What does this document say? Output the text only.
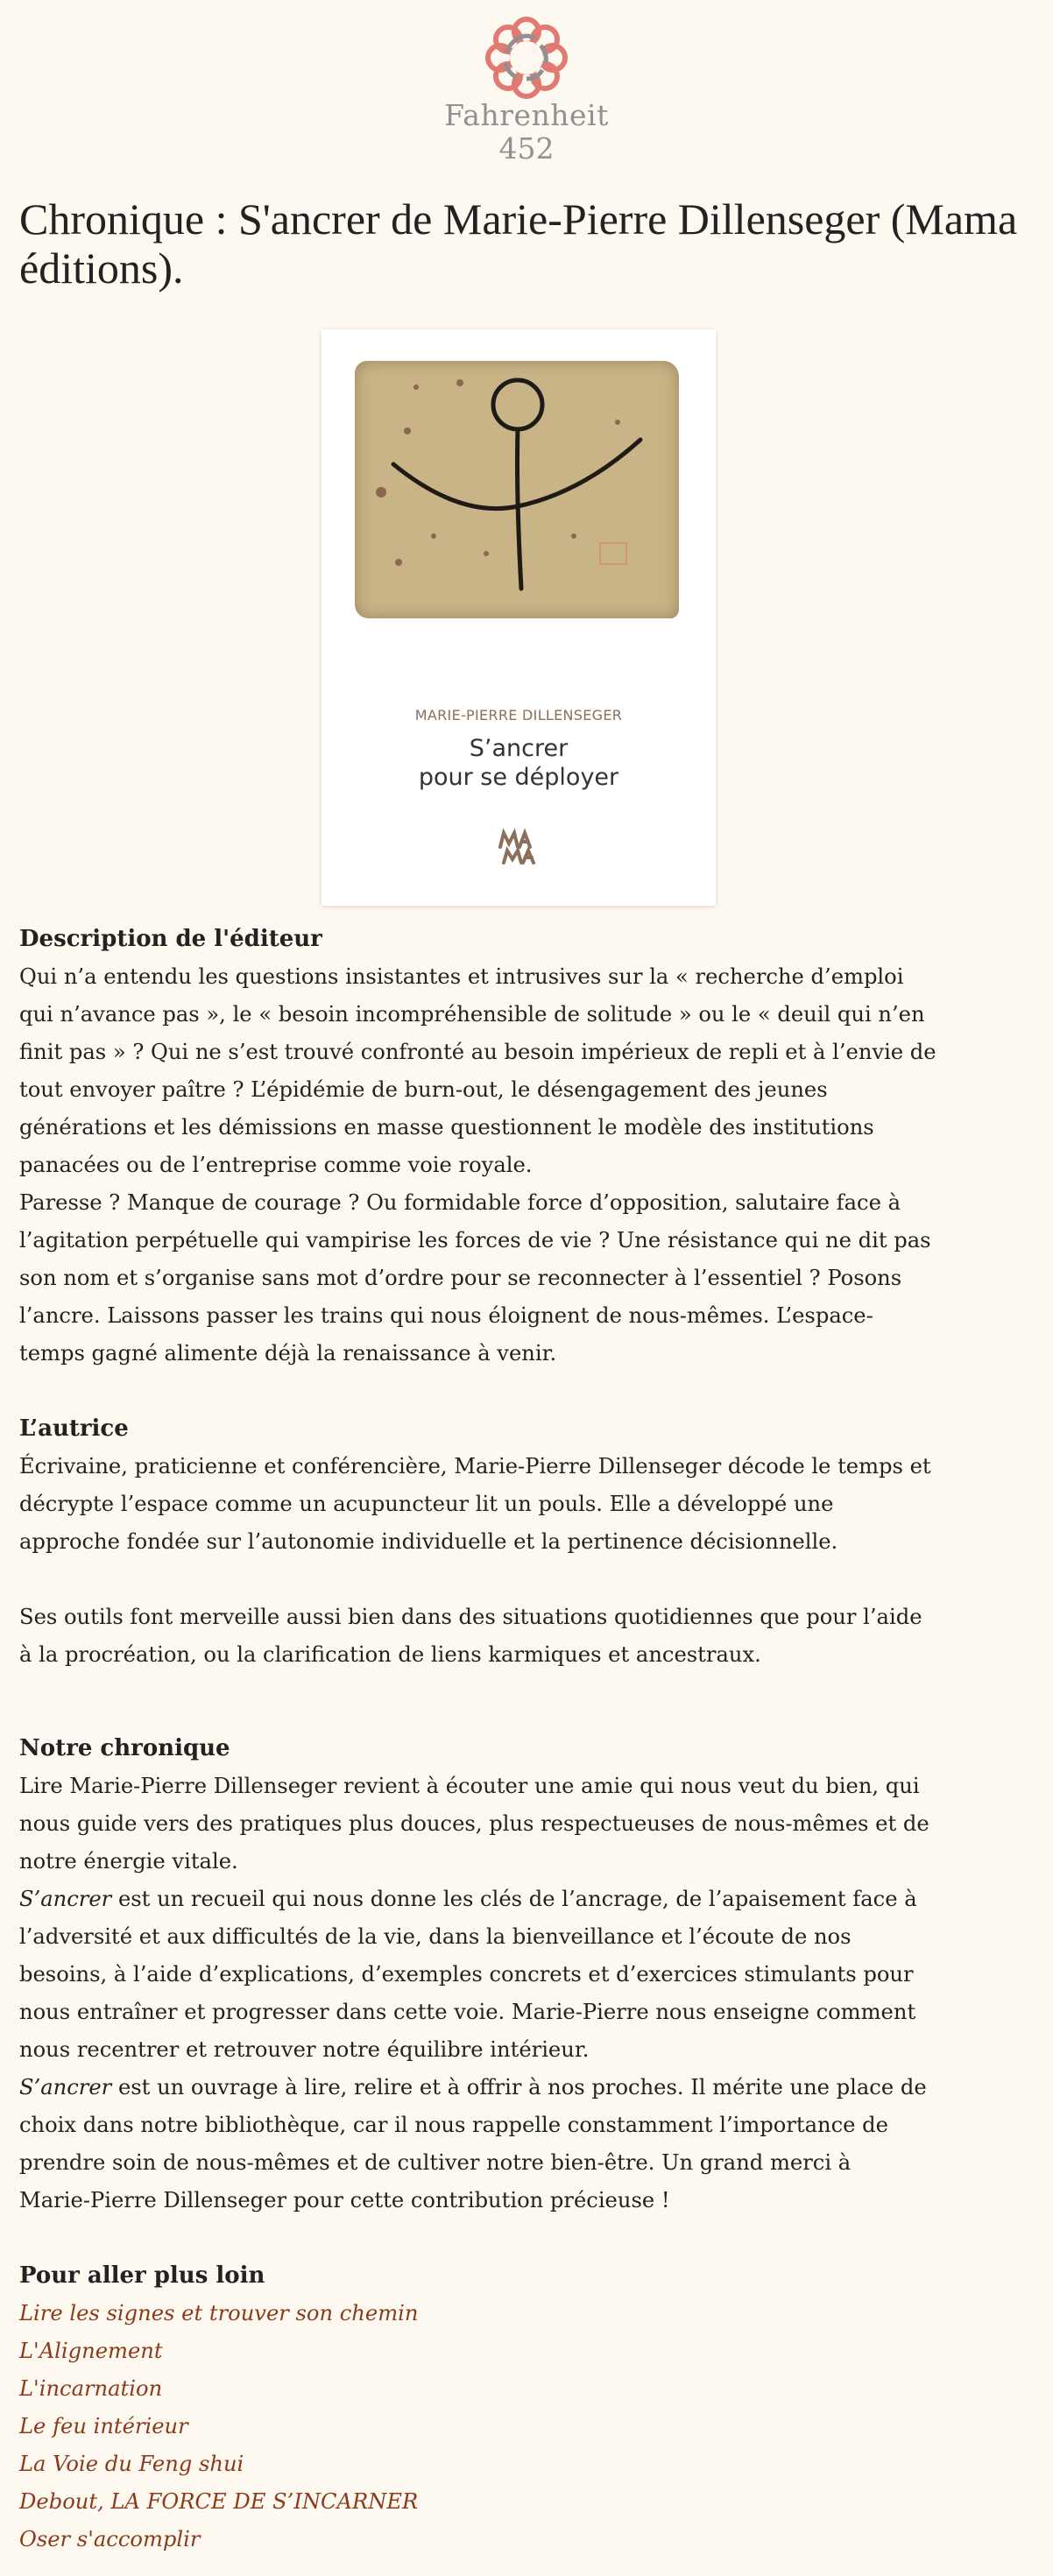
Fahrenheit
452
Chronique : S'ancrer de Marie-Pierre Dillenseger (Mama éditions).
MARIE-PIERRE DILLENSEGER
S’ancrer
pour se déployer
Description de l'éditeur

Qui n’a entendu les questions insistantes et intrusives sur la « recherche d’emploi
qui n’avance pas », le « besoin incompréhensible de solitude » ou le « deuil qui n’en
finit pas » ? Qui ne s’est trouvé confronté au besoin impérieux de repli et à l’envie de
tout envoyer paître ? L’épidémie de burn-out, le désengagement des jeunes
générations et les démissions en masse questionnent le modèle des institutions
panacées ou de l’entreprise comme voie royale.
Paresse ? Manque de courage ? Ou formidable force d’opposition, salutaire face à
l’agitation perpétuelle qui vampirise les forces de vie ? Une résistance qui ne dit pas
son nom et s’organise sans mot d’ordre pour se reconnecter à l’essentiel ? Posons
l’ancre. Laissons passer les trains qui nous éloignent de nous-mêmes. L’espace-
temps gagné alimente déjà la renaissance à venir.

L’autrice

Écrivaine, praticienne et conférencière, Marie-Pierre Dillenseger décode le temps et
décrypte l’espace comme un acupuncteur lit un pouls. Elle a développé une
approche fondée sur l’autonomie individuelle et la pertinence décisionnelle.

Ses outils font merveille aussi bien dans des situations quotidiennes que pour l’aide
à la procréation, ou la clarification de liens karmiques et ancestraux.

Notre chronique

Lire Marie-Pierre Dillenseger revient à écouter une amie qui nous veut du bien, qui
nous guide vers des pratiques plus douces, plus respectueuses de nous-mêmes et de
notre énergie vitale.

S’ancrer est un recueil qui nous donne les clés de l’ancrage, de l’apaisement face à
l’adversité et aux difficultés de la vie, dans la bienveillance et l’écoute de nos
besoins, à l’aide d’explications, d’exemples concrets et d’exercices stimulants pour
nous entraîner et progresser dans cette voie. Marie-Pierre nous enseigne comment
nous recentrer et retrouver notre équilibre intérieur.

S’ancrer est un ouvrage à lire, relire et à offrir à nos proches. Il mérite une place de
choix dans notre bibliothèque, car il nous rappelle constamment l’importance de
prendre soin de nous-mêmes et de cultiver notre bien-être. Un grand merci à
Marie-Pierre Dillenseger pour cette contribution précieuse !

Pour aller plus loin
Lire les signes et trouver son chemin
L'Alignement
L'incarnation
Le feu intérieur
La Voie du Feng shui
Debout, LA FORCE DE S’INCARNER
Oser s'accomplir
